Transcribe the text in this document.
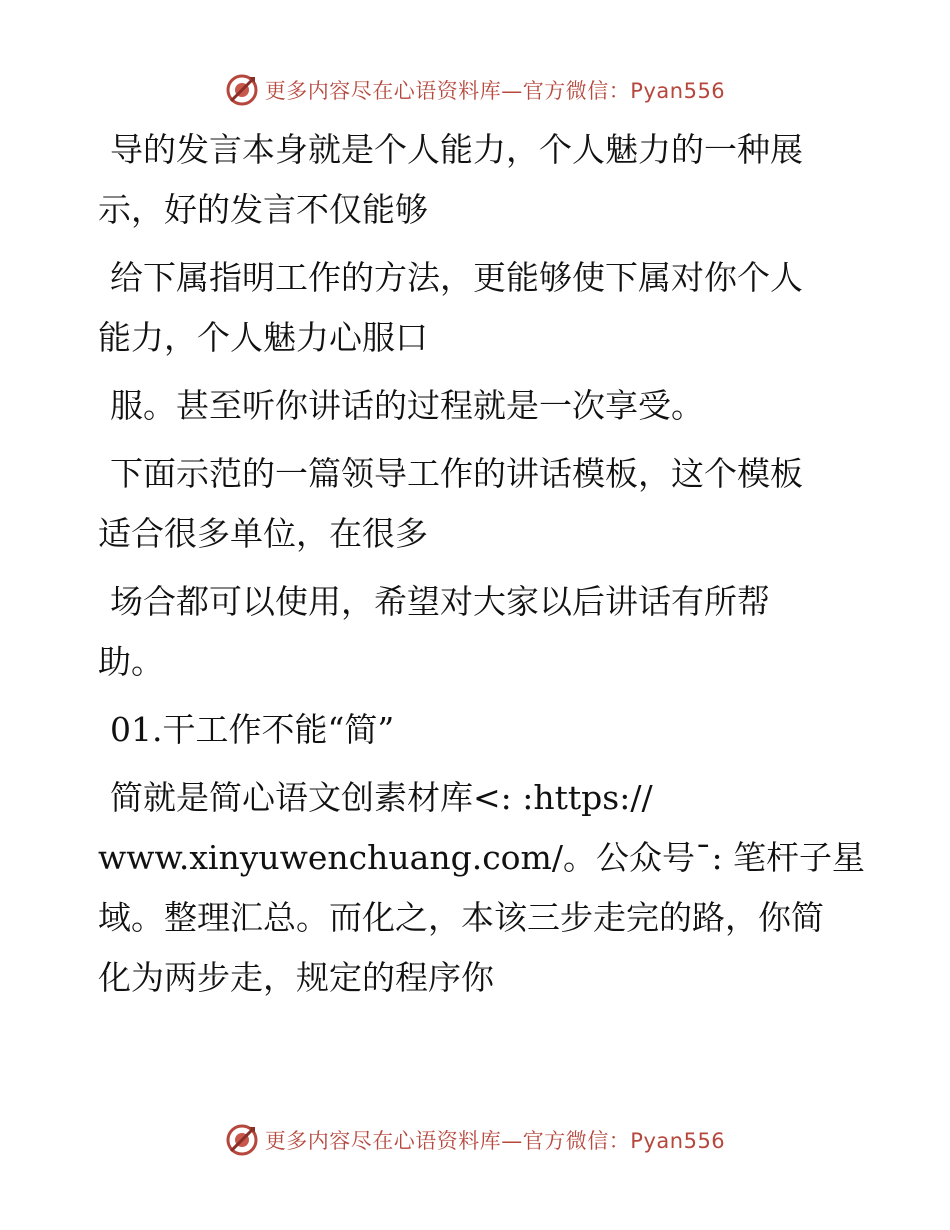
更多内容尽在心语资料库—官方微信：Pyan556

导的发言本身就是个人能力，个人魅力的一种展

示，好的发言不仅能够

给下属指明工作的方法，更能够使下属对你个人

能力，个人魅力心服口

服。甚至听你讲话的过程就是一次享受。

下面示范的一篇领导工作的讲话模板，这个模板

适合很多单位，在很多

场合都可以使用，希望对大家以后讲话有所帮

助。

01.干工作不能“简”

简就是简心语文创素材库<: :https://

www.xinyuwenchuang.com/。公众号¯: 笔杆子星

域。整理汇总。而化之，本该三步走完的路，你简

化为两步走，规定的程序你

更多内容尽在心语资料库—官方微信：Pyan556
